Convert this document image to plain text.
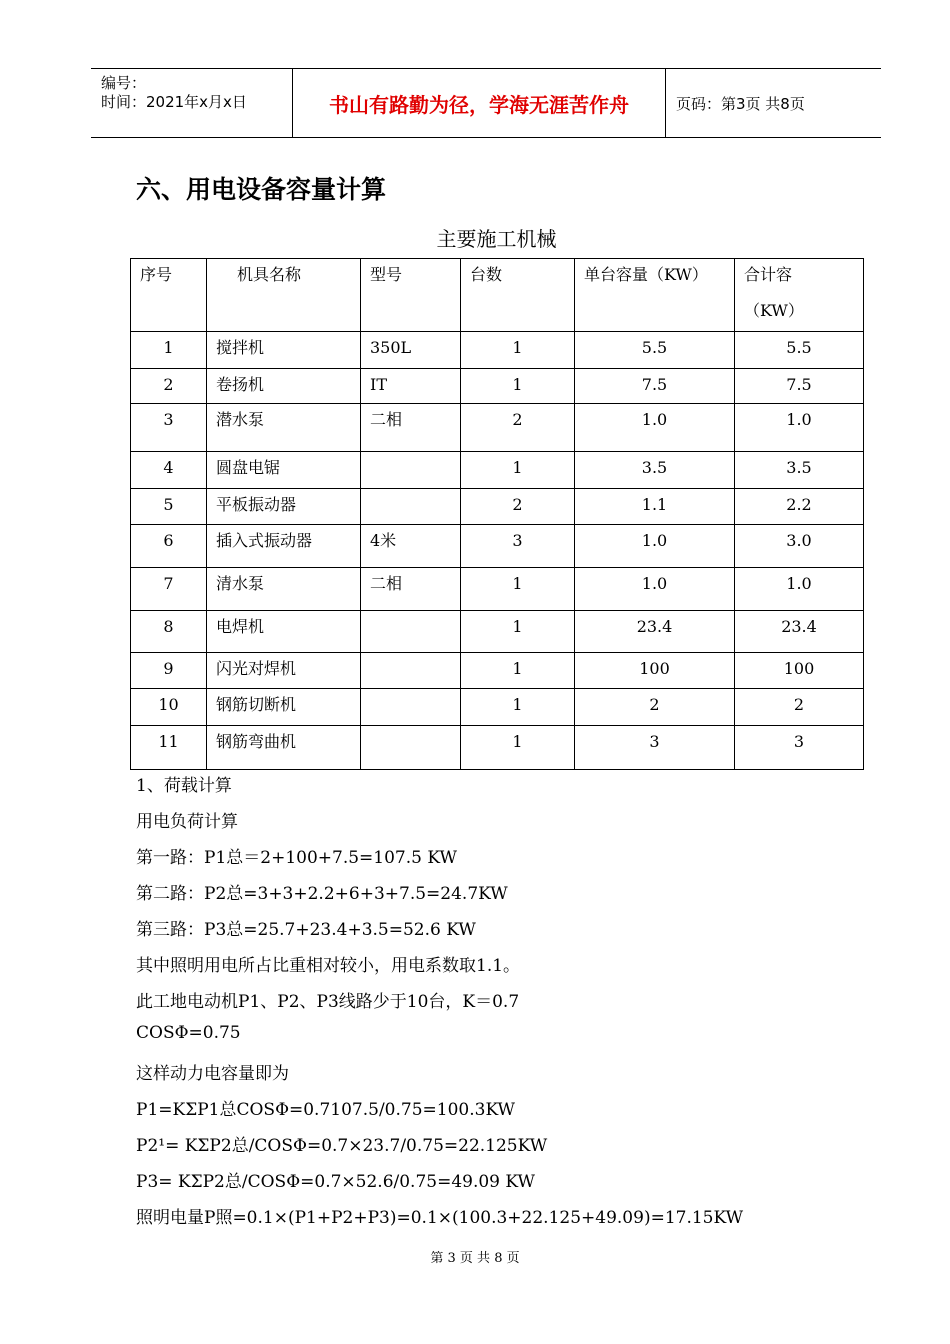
编号：
时间：2021年x月x日	书山有路勤为径，学海无涯苦作舟	页码：第3页 共8页
六、用电设备容量计算
主要施工机械
序号	机具名称	型号	台数	单台容量（KW）	合计容
（KW）

1	搅拌机	350L	1	5.5	5.5

2	卷扬机	IT	1	7.5	7.5

3	潜水泵	二相	2	1.0	1.0

4	圆盘电锯		1	3.5	3.5

5	平板振动器		2	1.1	2.2

6	插入式振动器	4米	3	1.0	3.0

7	清水泵	二相	1	1.0	1.0

8	电焊机		1	23.4	23.4

9	闪光对焊机		1	100	100

10	钢筋切断机		1	2	2

11	钢筋弯曲机		1	3	3
1、荷载计算
用电负荷计算
第一路：P1总＝2+100+7.5=107.5 KW
第二路：P2总=3+3+2.2+6+3+7.5=24.7KW
第三路：P3总=25.7+23.4+3.5=52.6 KW
其中照明用电所占比重相对较小，用电系数取1.1。
此工地电动机P1、P2、P3线路少于10台，K＝0.7
COSΦ=0.75
这样动力电容量即为
P1=KΣP1总COSΦ=0.7107.5/0.75=100.3KW
P2¹= KΣP2总/COSΦ=0.7×23.7/0.75=22.125KW
P3= KΣP2总/COSΦ=0.7×52.6/0.75=49.09 KW
照明电量P照=0.1×(P1+P2+P3)=0.1×(100.3+22.125+49.09)=17.15KW
第 3 页 共 8 页
